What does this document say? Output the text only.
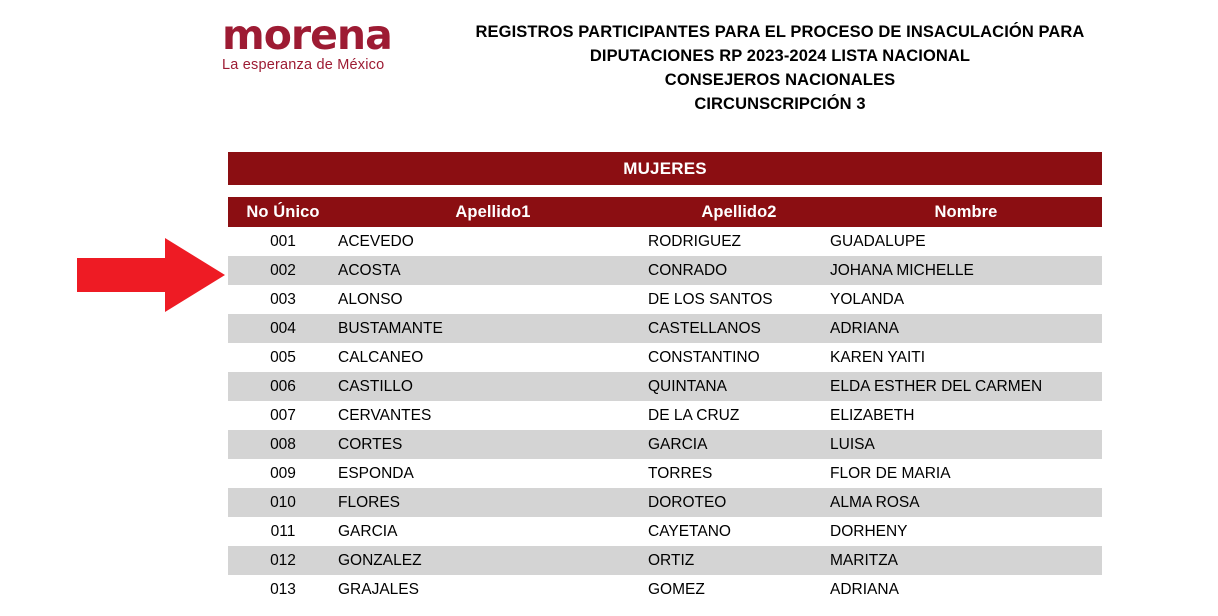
morena
La esperanza de México
REGISTROS PARTICIPANTES PARA EL PROCESO DE INSACULACIÓN PARA
DIPUTACIONES RP 2023-2024 LISTA NACIONAL
CONSEJEROS NACIONALES
CIRCUNSCRIPCIÓN 3
MUJERES
No Único	Apellido1	Apellido2	Nombre
001	ACEVEDO	RODRIGUEZ	GUADALUPE
002	ACOSTA	CONRADO	JOHANA MICHELLE
003	ALONSO	DE LOS SANTOS	YOLANDA
004	BUSTAMANTE	CASTELLANOS	ADRIANA
005	CALCANEO	CONSTANTINO	KAREN YAITI
006	CASTILLO	QUINTANA	ELDA ESTHER DEL CARMEN
007	CERVANTES	DE LA CRUZ	ELIZABETH
008	CORTES	GARCIA	LUISA
009	ESPONDA	TORRES	FLOR DE MARIA
010	FLORES	DOROTEO	ALMA ROSA
011	GARCIA	CAYETANO	DORHENY
012	GONZALEZ	ORTIZ	MARITZA
013	GRAJALES	GOMEZ	ADRIANA
